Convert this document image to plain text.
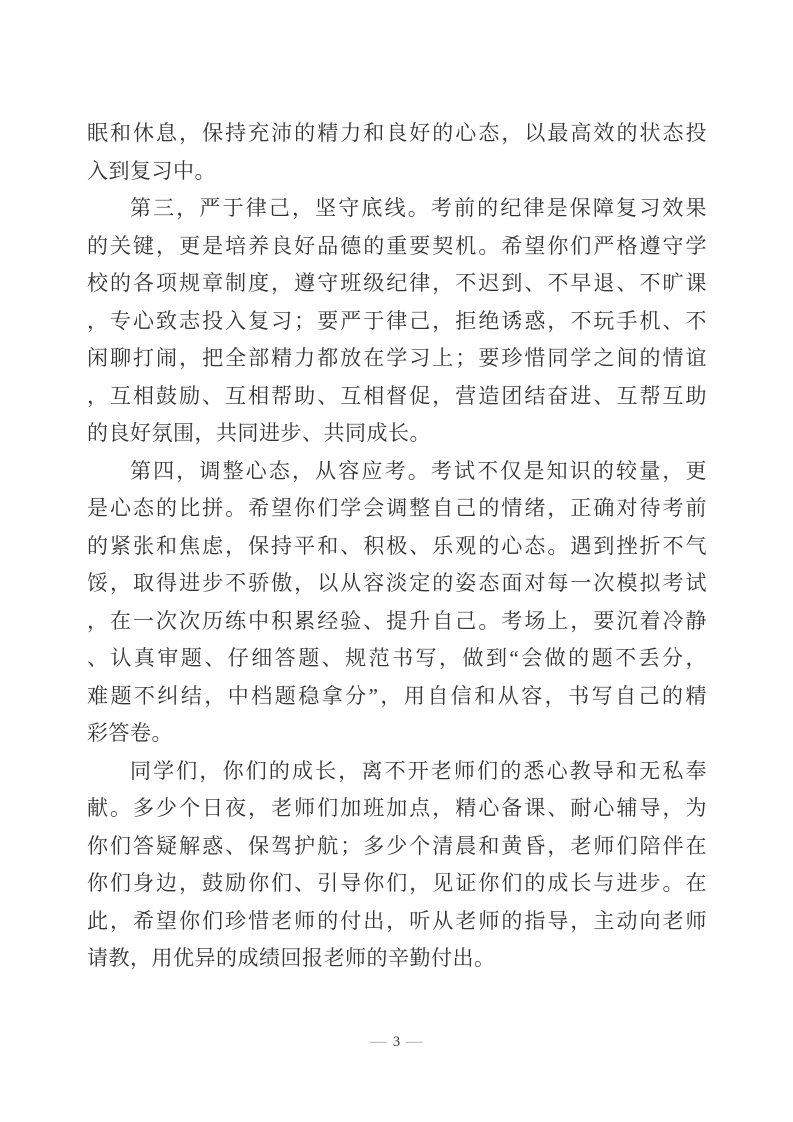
眠和休息，保持充沛的精力和良好的心态，以最高效的状态投

入到复习中。

第三，严于律己，坚守底线。考前的纪律是保障复习效果

的关键，更是培养良好品德的重要契机。希望你们严格遵守学

校的各项规章制度，遵守班级纪律，不迟到、不早退、不旷课

，专心致志投入复习；要严于律己，拒绝诱惑，不玩手机、不

闲聊打闹，把全部精力都放在学习上；要珍惜同学之间的情谊

，互相鼓励、互相帮助、互相督促，营造团结奋进、互帮互助

的良好氛围，共同进步、共同成长。

第四，调整心态，从容应考。考试不仅是知识的较量，更

是心态的比拼。希望你们学会调整自己的情绪，正确对待考前

的紧张和焦虑，保持平和、积极、乐观的心态。遇到挫折不气

馁，取得进步不骄傲，以从容淡定的姿态面对每一次模拟考试

，在一次次历练中积累经验、提升自己。考场上，要沉着冷静

、认真审题、仔细答题、规范书写，做到“会做的题不丢分，

难题不纠结，中档题稳拿分”，用自信和从容，书写自己的精

彩答卷。

同学们，你们的成长，离不开老师们的悉心教导和无私奉

献。多少个日夜，老师们加班加点，精心备课、耐心辅导，为

你们答疑解惑、保驾护航；多少个清晨和黄昏，老师们陪伴在

你们身边，鼓励你们、引导你们，见证你们的成长与进步。在

此，希望你们珍惜老师的付出，听从老师的指导，主动向老师

请教，用优异的成绩回报老师的辛勤付出。

— 3 —
